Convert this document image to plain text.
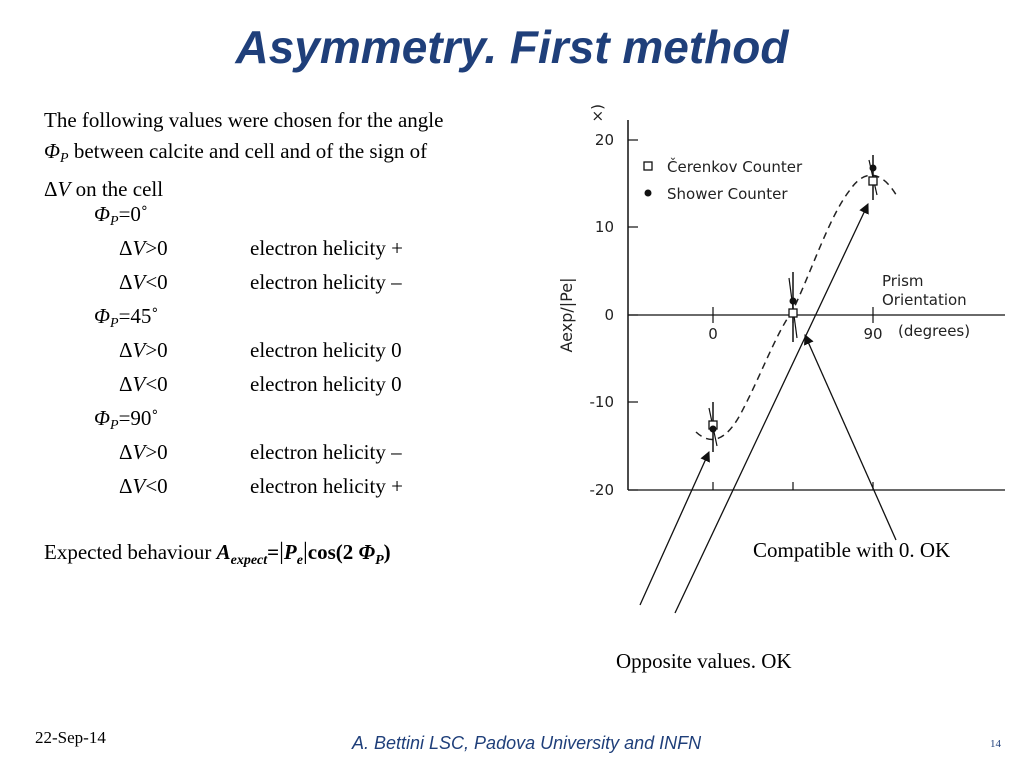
Asymmetry. First method
The following values were chosen for the angle
ΦP between calcite and cell and of the sign of
ΔV on the cell
ΦP=0˚
ΔV>0	electron helicity +
ΔV<0	electron helicity –
ΦP=45˚
ΔV>0	electron helicity 0
ΔV<0	electron helicity 0
ΦP=90˚
ΔV>0	electron helicity –
ΔV<0	electron helicity +
Expected behaviour $A_{expect}=|P_e|\cos(2$ $\Phi_P$)
(×
20
10
0
-10
-20
Aexp/|Pe|	0	90 (degrees)
Prism
Orientation
Čerenkov Counter
Shower Counter
Compatible with 0. OK
Opposite values. OK
22-Sep-14	A. Bettini LSC, Padova University and INFN	14
